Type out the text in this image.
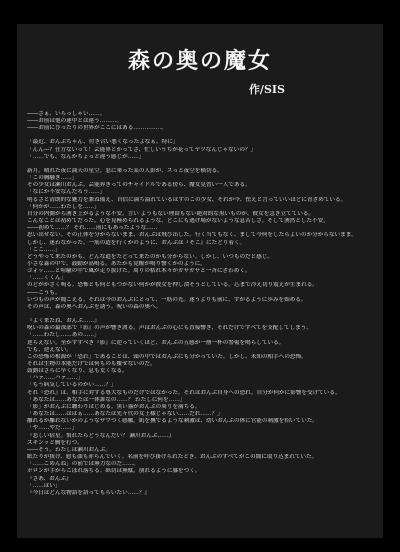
森の奥の魔女
作/SIS
――さぁ、いらっしゃい……。
――お前は他の連中とは違う………。
――お前にぴったりの世界がここにはある……………。
「最近、おんぶちゃん、付き合い悪くなったよなぁ。特に」
「んん―？仕方ないって！芸能界とかってさ、忙しいうちが花ってヤツなんじゃないの？」
「……でも、なんかちょっと違う感じが……」
新月。晴れた夜に満天の星空。窓に乗った某の人影が、スっと夜空を横切る。
「この胸騒ぎ……」
その少女は瀬川おんぶ。芸能界きってのチャイドルである傍ら、魔女見習い一人である。
「なにか不安なんだろう……」
明るさと清朗的な魅力を兼ね備え、自信に満ち溢れているはずのこの少女、それが今、怯えと言っていいほどに青ざめている。
「何かが……わたしを……」
自分の内側から湧き上がるような不安。言い ようもない理由もない絶対的な黒いものが、彼女を急き立てている。
こんなことは初めてだった。心を見極められるような、どこにも逃げ場がないような息苦しさ。そして湧然とした不安。
――初めて……？ それ……前にもあったような……
思い出せない。その正体を分からないまま、おんぶは飛び出した。行く当てもなく、まして今何をしたらよいのか分からないまま。
しかし、迷わなかった。一筋の道を行くかのように、おんぶは『そこ』にたどり着く。
「ここ……」
どうやって来たのかも、どんな道をたどって来たのかも分からない。しかし、いつものだと感じ。
小さな森の中で、鼓動が高鳴る。あたかも覚醒が鳴り響くかのように。
ゴォッ……と喧騒の中で風が走り抜けた。周りの枯れ木々がガサガサと一斉にざわめく。
「……くくん」
のどがかさく鳴る。恐怖とも何ともつかない何かが彼女を押し潰そうとしている。芯まで冷え切り震えが生まれる。
――こうも。
いつもの声が聞こえる。それは今のおんぶにとって、一筋の光。迷うよりも前に、すがるように歩みを始める。
その声は、森の奥へおんぶを誘う。呪いの森の奥へ。
『よく来たね、おんぶ……』
呪いの森の最深部で『影』の声が響き渡る。声はおんぶの心にも直接響き、それだけですべてを支配してしまう。
「……わたし……あの……」
逆らえない。至かすすべき『影』に逆っていくほど、おんぶの五感が一層一杯の警報を鳴らしている。
でも、逆えない。
この恐怖の根源が「恐れ」であることは、頭の中ではおんぶにも分かっていた。しかし、未知の相手への恐怖。
それは生物の本能だけでは何ものも覆せないのだ。
鼓動はさらに早くなり、息も荒くなる。
「ハァ……ハァ……」
「もう病気しているのかい……？」
それ『恐れ』は、相手に対する尊大なものだけではなかった。それはおんぶ自身への恐れ。自分が何かに影響を受けている。
「あなたは……あなたは一体誰なの……？ わたしに何を……」
「影」がおんぶに纏わりはじめる。黒い霧がおんぶの周りを満ちる。
「あなたは……ははぁ……あなたは先々代の女王様じゃない……だれ……？」
離れるか離れないかのようなザワつく感触。肌を撫でるような刺激は、幼いおんぶの体に官能の刺激を招いていた。
「や……やだ……」
『悲しい宿星。慣れたらどうなんだい？ 瀬川おんぶ……』
ズキンッと胸を打つ。
――そう。わたしは瀬川おんぶ。
眠たりが抜け、慰も顔も赤らんでいく。名前を呼び掛けられたとき、おんぶのすべてがこの闇に取り込まれていた。
「……ごめんね」の前では無力なのだ……。
ポロンが手からこぼれ落ちる。紙切は無駄。崩れるように膝をつく。
『さあ、おんぶ』
「……はい」
『今日はどんな物語を語ってもらいたい……？』
